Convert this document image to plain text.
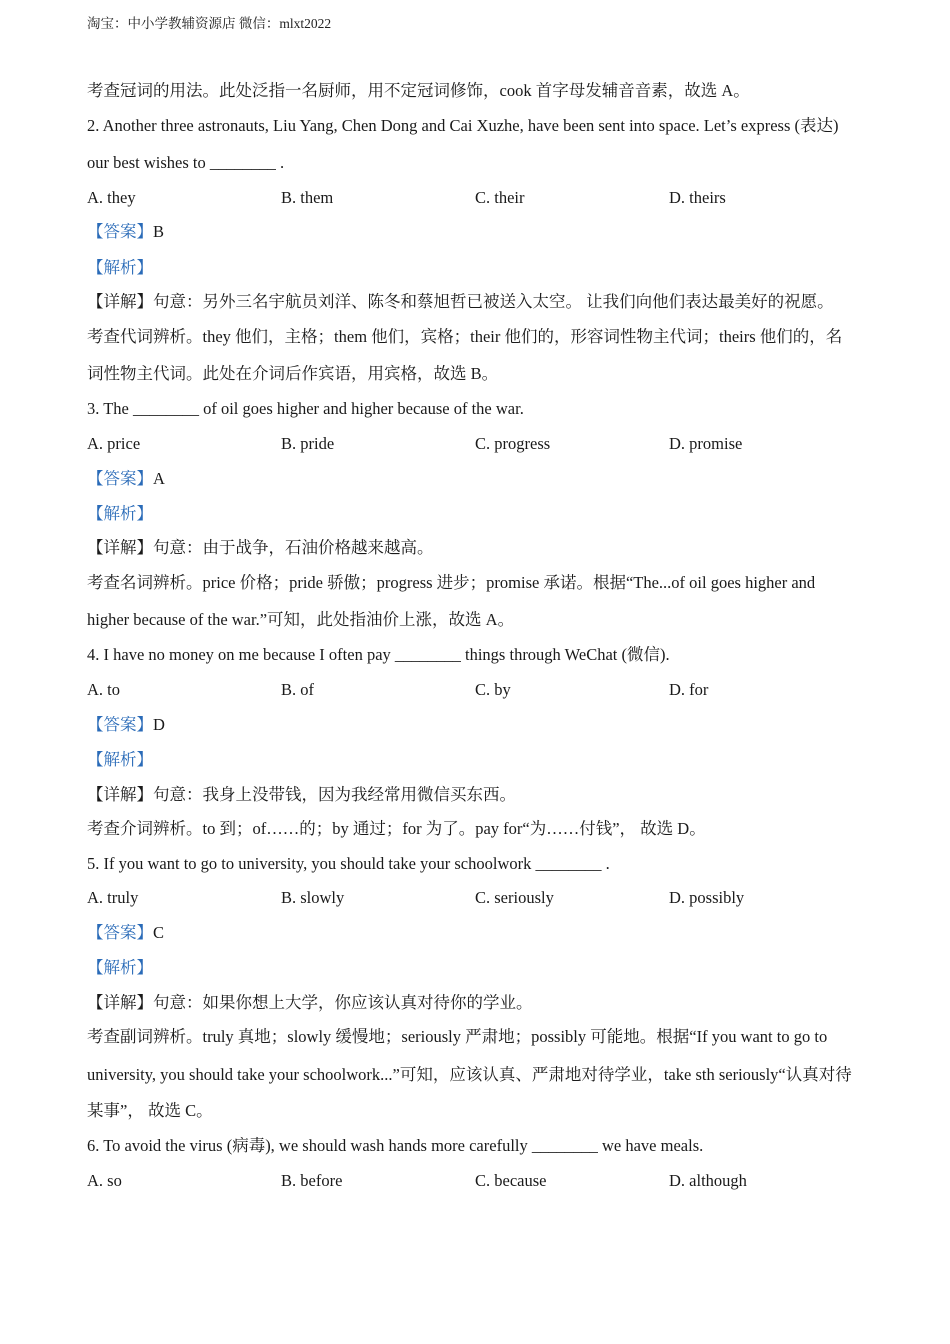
淘宝：中小学教辅资源店 微信：mlxt2022
考查冠词的用法。此处泛指一名厨师，用不定冠词修饰，cook 首字母发辅音音素，故选 A。
2. Another three astronauts, Liu Yang, Chen Dong and Cai Xuzhe, have been sent into space. Let’s express (表达)
our best wishes to ________ .
A. they	B. them	C. their	D. theirs
【答案】B
【解析】
【详解】句意：另外三名宇航员刘洋、陈冬和蔡旭哲已被送入太空。 让我们向他们表达最美好的祝愿。
考查代词辨析。they 他们，主格；them 他们，宾格；their 他们的，形容词性物主代词；theirs 他们的，名
词性物主代词。此处在介词后作宾语，用宾格，故选 B。
3. The ________ of oil goes higher and higher because of the war.
A. price	B. pride	C. progress	D. promise
【答案】A
【解析】
【详解】句意：由于战争，石油价格越来越高。
考查名词辨析。price 价格；pride 骄傲；progress 进步；promise 承诺。根据“The...of oil goes higher and
higher because of the war.”可知，此处指油价上涨，故选 A。
4. I have no money on me because I often pay ________ things through WeChat (微信).
A. to	B. of	C. by	D. for
【答案】D
【解析】
【详解】句意：我身上没带钱，因为我经常用微信买东西。
考查介词辨析。to 到；of……的；by 通过；for 为了。pay for“为……付钱”， 故选 D。
5. If you want to go to university, you should take your schoolwork ________ .
A. truly	B. slowly	C. seriously	D. possibly
【答案】C
【解析】
【详解】句意：如果你想上大学，你应该认真对待你的学业。
考查副词辨析。truly 真地；slowly 缓慢地；seriously 严肃地；possibly 可能地。根据“If you want to go to
university, you should take your schoolwork...”可知，应该认真、严肃地对待学业，take sth seriously“认真对待
某事”， 故选 C。
6. To avoid the virus (病毒), we should wash hands more carefully ________ we have meals.
A. so	B. before	C. because	D. although
